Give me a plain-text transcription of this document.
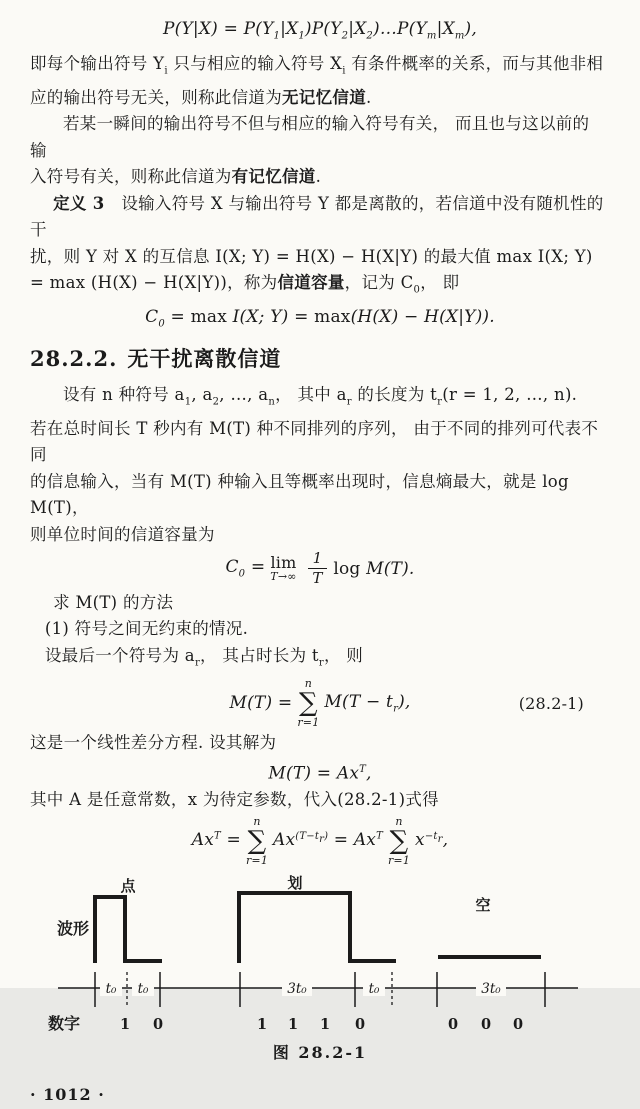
$P(Y|X) = P(Y_1|X_1)P(Y_2|X_2)\dots P(Y_m|X_m)$,

即每个输出符号 $Y_i$ 只与相应的输入符号 $X_i$ 有条件概率的关系，而与其他非相

应的输出符号无关，则称此信道为无记忆信道.

若某一瞬间的输出符号不但与相应的输入符号有关， 而且也与这以前的 输

入符号有关，则称此信道为有记忆信道.

定义 3　设输入符号 X 与输出符号 Y 都是离散的，若信道中没有随机性的干

扰，则 Y 对 X 的互信息 I(X; Y) = H(X) − H(X|Y) 的最大值 max I(X; Y)

= max (H(X) − H(X|Y))，称为信道容量，记为 $C_0$， 即

$C_0 = \max I(X$; Y) = max(H(X) − H(X|Y)).
28.2.2. 无干扰离散信道

设有 n 种符号 $a_1$, $a_2$, …, $a_n$， 其中 $a_r$ 的长度为 $t_r(r = 1$, 2, …, n).

若在总时间长 T 秒内有 M(T) 种不同排列的序列， 由于不同的排列可代表不同

的信息输入，当有 M(T) 种输入且等概率出现时，信息熵最大，就是 log M(T)，

则单位时间的信道容量为

$C_0 = \lim$
$T\to\infty \frac{1}{T}$ log M(T).

求 M(T) 的方法

(1) 符号之间无约束的情况.

设最后一个符号为 $a_r$， 其占时长为 $t_r$， 则

M(T) =
n
∑
r=1
$M(T - t_r)$,	(28.2-1)

这是一个线性差分方程. 设其解为

$M(T) = Ax^T$,

其中 A 是任意常数，x 为待定参数，代入(28.2-1)式得

$Ax^T$ =
n
∑
r=1
$Ax^{(T-t_r)} = Ax^T$
n
∑
r=1
$x^{-t_r}$,
t₀ t₀	3t₀	t₀	3t₀
点	划
空
波形
数字	1 0	1 1 1 0	0 0 0

图 28.2-1

· 1012 ·
